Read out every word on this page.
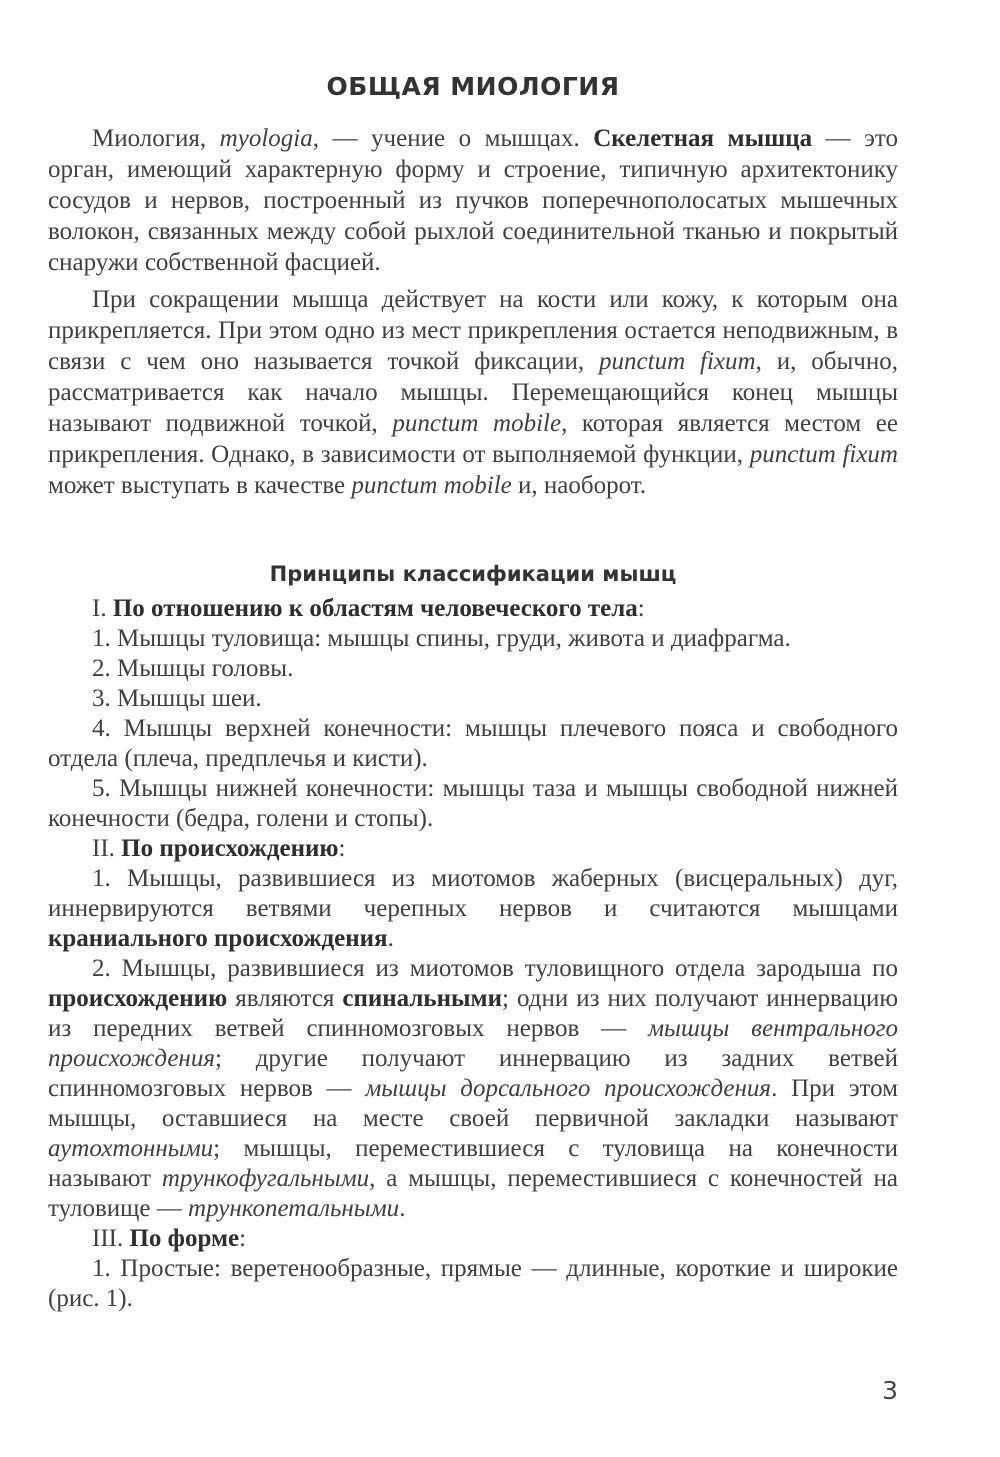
ОБЩАЯ МИОЛОГИЯ

Миология, myologia, — учение о мышцах. Скелетная мышца — это орган, имеющий характерную форму и строение, типичную архитектонику сосудов и нервов, построенный из пучков поперечнополосатых мышечных волокон, связанных между собой рыхлой соединительной тканью и покрытый снаружи собственной фасцией.

При сокращении мышца действует на кости или кожу, к которым она прикрепляется. При этом одно из мест прикрепления остается неподвижным, в связи с чем оно называется точкой фиксации, punctum fixum, и, обычно, рассматривается как начало мышцы. Перемещающийся конец мышцы называют подвижной точкой, punctum mobile, которая является местом ее прикрепления. Однако, в зависимости от выполняемой функции, punctum fixum может выступать в качестве punctum mobile и, наоборот.

Принципы классификации мышц

I. По отношению к областям человеческого тела:

1. Мышцы туловища: мышцы спины, груди, живота и диафрагма.

2. Мышцы головы.

3. Мышцы шеи.

4. Мышцы верхней конечности: мышцы плечевого пояса и свободного отдела (плеча, предплечья и кисти).

5. Мышцы нижней конечности: мышцы таза и мышцы свободной нижней конечности (бедра, голени и стопы).

II. По происхождению:

1. Мышцы, развившиеся из миотомов жаберных (висцеральных) дуг, иннервируются ветвями черепных нервов и считаются мышцами краниального происхождения.

2. Мышцы, развившиеся из миотомов туловищного отдела зародыша по происхождению являются спинальными; одни из них получают иннервацию из передних ветвей спинномозговых нервов — мышцы вентрального происхождения; другие получают иннервацию из задних ветвей спинномозговых нервов — мышцы дорсального происхождения. При этом мышцы, оставшиеся на месте своей первичной закладки называют аутохтонными; мышцы, переместившиеся с туловища на конечности называют трункофугальными, а мышцы, переместившиеся с конечностей на туловище — трункопетальными.

III. По форме:

1. Простые: веретенообразные, прямые — длинные, короткие и широкие (рис. 1).

3
